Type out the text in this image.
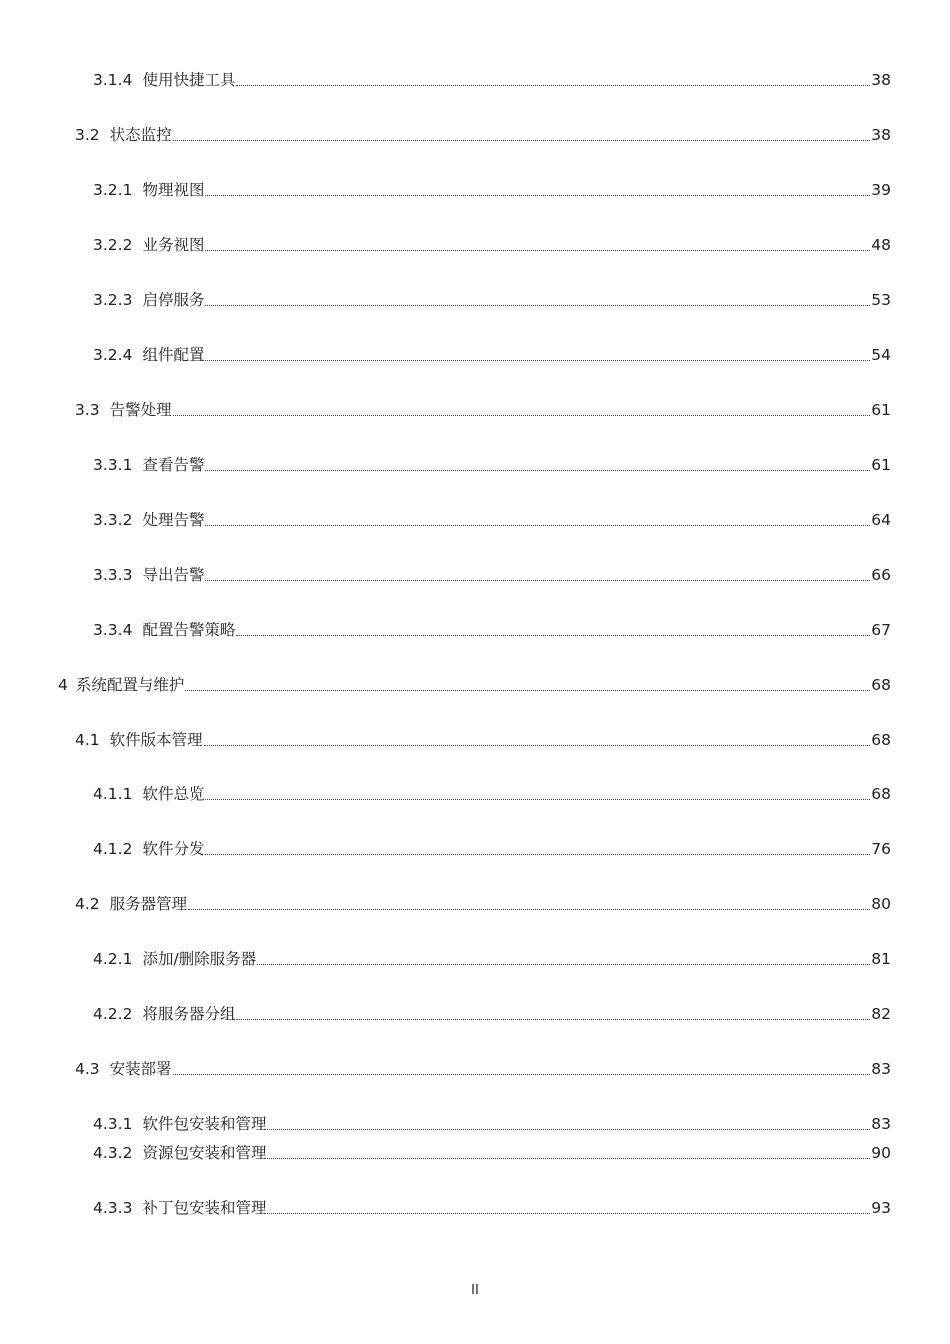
3.1.4 使用快捷工具	38
3.2 状态监控	38
3.2.1 物理视图	39
3.2.2 业务视图	48
3.2.3 启停服务	53
3.2.4 组件配置	54
3.3 告警处理	61
3.3.1 查看告警	61
3.3.2 处理告警	64
3.3.3 导出告警	66
3.3.4 配置告警策略	67
4 系统配置与维护	68
4.1 软件版本管理	68
4.1.1 软件总览	68
4.1.2 软件分发	76
4.2 服务器管理	80
4.2.1 添加/删除服务器	81
4.2.2 将服务器分组	82
4.3 安装部署	83
4.3.1 软件包安装和管理	83
4.3.2 资源包安装和管理	90
4.3.3 补丁包安装和管理	93
II
